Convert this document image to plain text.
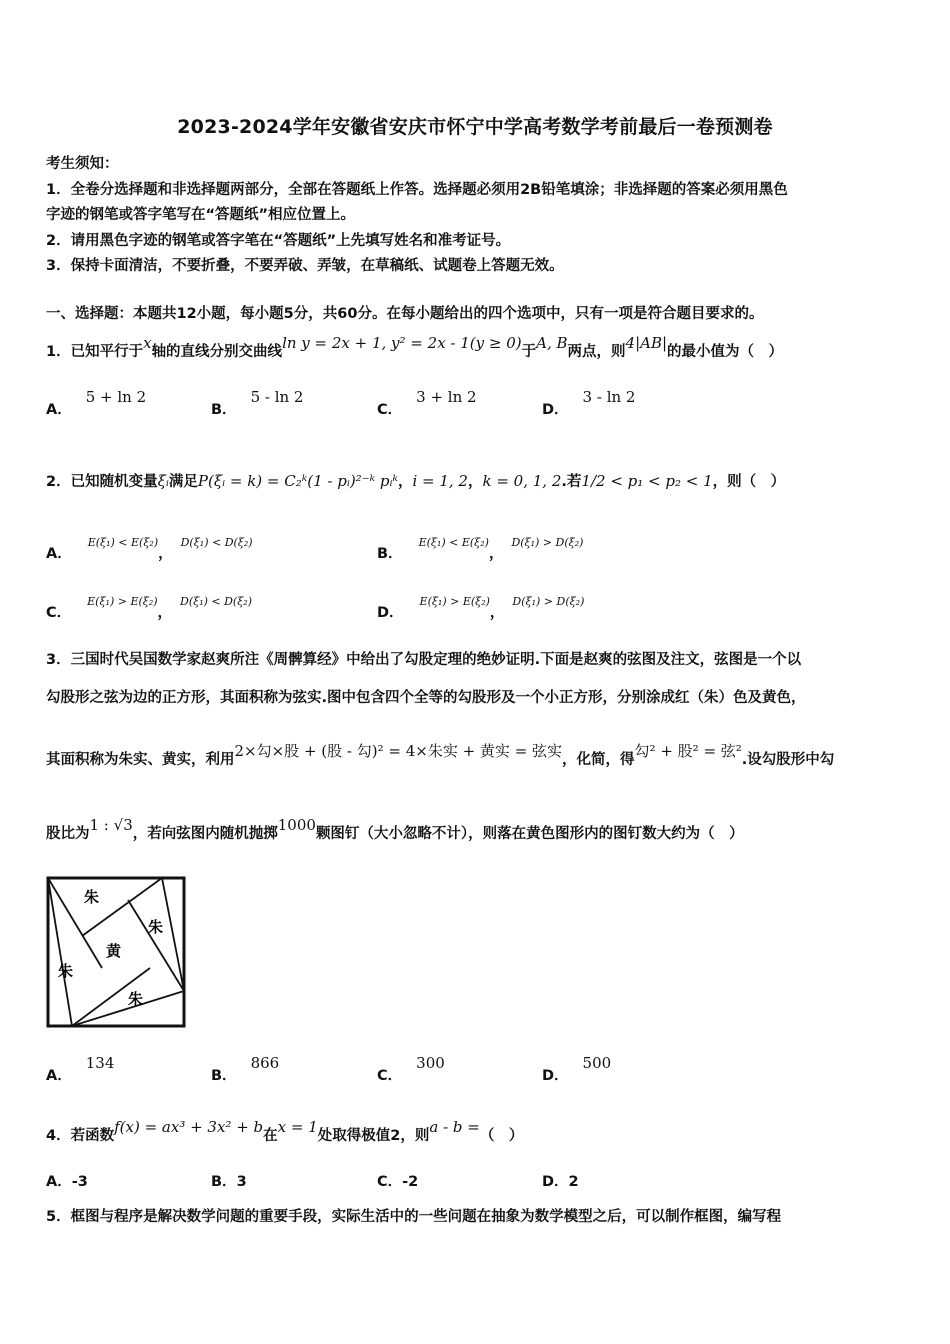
2023-2024学年安徽省安庆市怀宁中学高考数学考前最后一卷预测卷
考生须知：
1．全卷分选择题和非选择题两部分，全部在答题纸上作答。选择题必须用2B铅笔填涂；非选择题的答案必须用黑色
字迹的钢笔或答字笔写在“答题纸”相应位置上。
2．请用黑色字迹的钢笔或答字笔在“答题纸”上先填写姓名和准考证号。
3．保持卡面清洁，不要折叠，不要弄破、弄皱，在草稿纸、试题卷上答题无效。
一、选择题：本题共12小题，每小题5分，共60分。在每小题给出的四个选项中，只有一项是符合题目要求的。
1．已知平行于x轴的直线分别交曲线ln y = 2x + 1, y² = 2x - 1(y ≥ 0)于A, B两点，则4|AB|的最小值为（　）
A．5 + ln 2
B．5 - ln 2
C．3 + ln 2
D．3 - ln 2
2．已知随机变量ξᵢ满足P(ξᵢ = k) = C₂ᵏ(1 - pᵢ)²⁻ᵏ pᵢᵏ，i = 1, 2，k = 0, 1, 2.若1/2 < p₁ < p₂ < 1，则（　）
A．$^{E(\xi_1) < E(\xi_2)}$，$^{D(\xi_1) < D(\xi_2)}$
B．$^{E(\xi_1) < E(\xi_2)}$，$^{D(\xi_1) > D(\xi_2)}$
C．$^{E(\xi_1) > E(\xi_2)}$，$^{D(\xi_1) < D(\xi_2)}$
D．$^{E(\xi_1) > E(\xi_2)}$，$^{D(\xi_1) > D(\xi_2)}$
3．三国时代吴国数学家赵爽所注《周髀算经》中给出了勾股定理的绝妙证明.下面是赵爽的弦图及注文，弦图是一个以
勾股形之弦为边的正方形，其面积称为弦实.图中包含四个全等的勾股形及一个小正方形，分别涂成红（朱）色及黄色，
其面积称为朱实、黄实，利用2×勾×股 + (股 - 勾)² = 4×朱实 + 黄实 = 弦实，化简，得勾² + 股² = 弦².设勾股形中勾
股比为1 : √3，若向弦图内随机抛掷1000颗图钉（大小忽略不计），则落在黄色图形内的图钉数大约为（　）
朱
朱
黄
朱
朱
A．134
B．866
C．300
D．500
4．若函数f(x) = ax³ + 3x² + b在x = 1处取得极值2，则a - b =（　）
A．-3	B．3	C．-2	D．2
5．框图与程序是解决数学问题的重要手段，实际生活中的一些问题在抽象为数学模型之后，可以制作框图，编写程
